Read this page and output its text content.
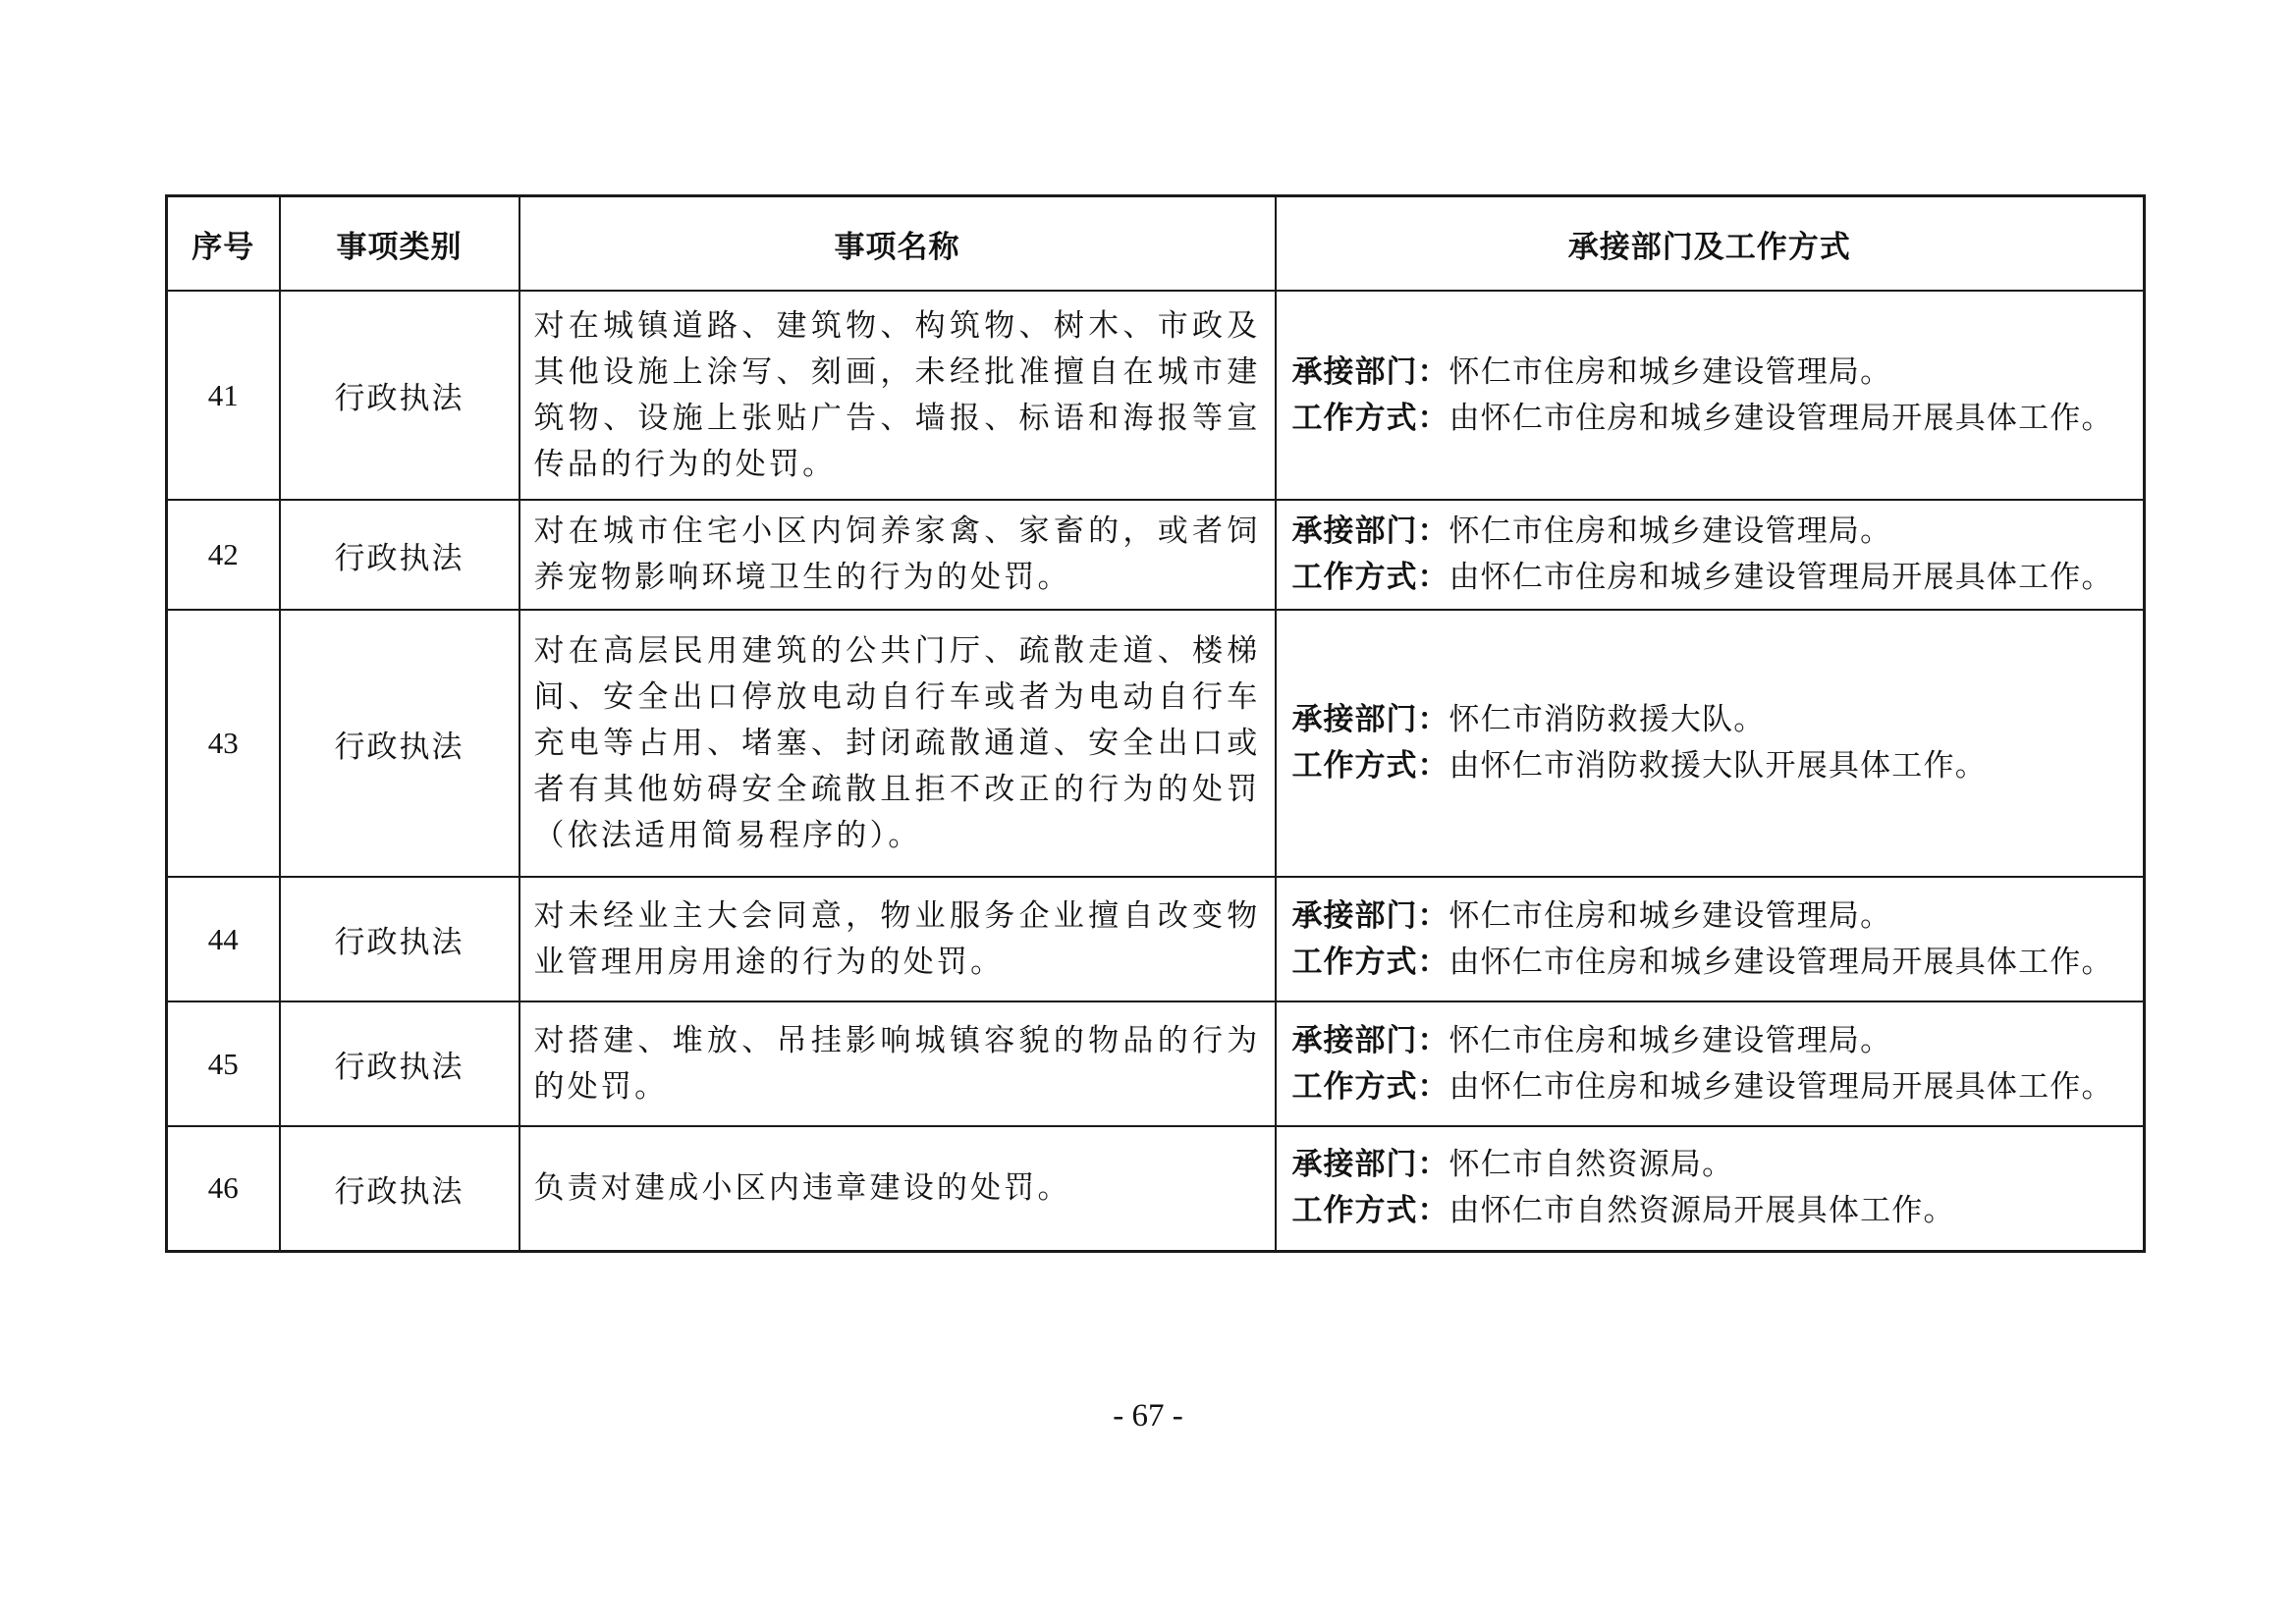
序号	事项类别	事项名称	承接部门及工作方式
41	行政执法	对在城镇道路、建筑物、构筑物、树木、市政及其他设施上涂写、刻画，未经批准擅自在城市建筑物、设施上张贴广告、墙报、标语和海报等宣传品的行为的处罚。	承接部门：怀仁市住房和城乡建设管理局。
工作方式：由怀仁市住房和城乡建设管理局开展具体工作。

42	行政执法	对在城市住宅小区内饲养家禽、家畜的，或者饲养宠物影响环境卫生的行为的处罚。	承接部门：怀仁市住房和城乡建设管理局。
工作方式：由怀仁市住房和城乡建设管理局开展具体工作。

43	行政执法	对在高层民用建筑的公共门厅、疏散走道、楼梯间、安全出口停放电动自行车或者为电动自行车充电等占用、堵塞、封闭疏散通道、安全出口或者有其他妨碍安全疏散且拒不改正的行为的处罚（依法适用简易程序的）。	承接部门：怀仁市消防救援大队。
工作方式：由怀仁市消防救援大队开展具体工作。

44	行政执法	对未经业主大会同意，物业服务企业擅自改变物业管理用房用途的行为的处罚。	承接部门：怀仁市住房和城乡建设管理局。
工作方式：由怀仁市住房和城乡建设管理局开展具体工作。

45	行政执法	对搭建、堆放、吊挂影响城镇容貌的物品的行为的处罚。	承接部门：怀仁市住房和城乡建设管理局。
工作方式：由怀仁市住房和城乡建设管理局开展具体工作。

46	行政执法	负责对建成小区内违章建设的处罚。	承接部门：怀仁市自然资源局。
工作方式：由怀仁市自然资源局开展具体工作。
- 67 -
